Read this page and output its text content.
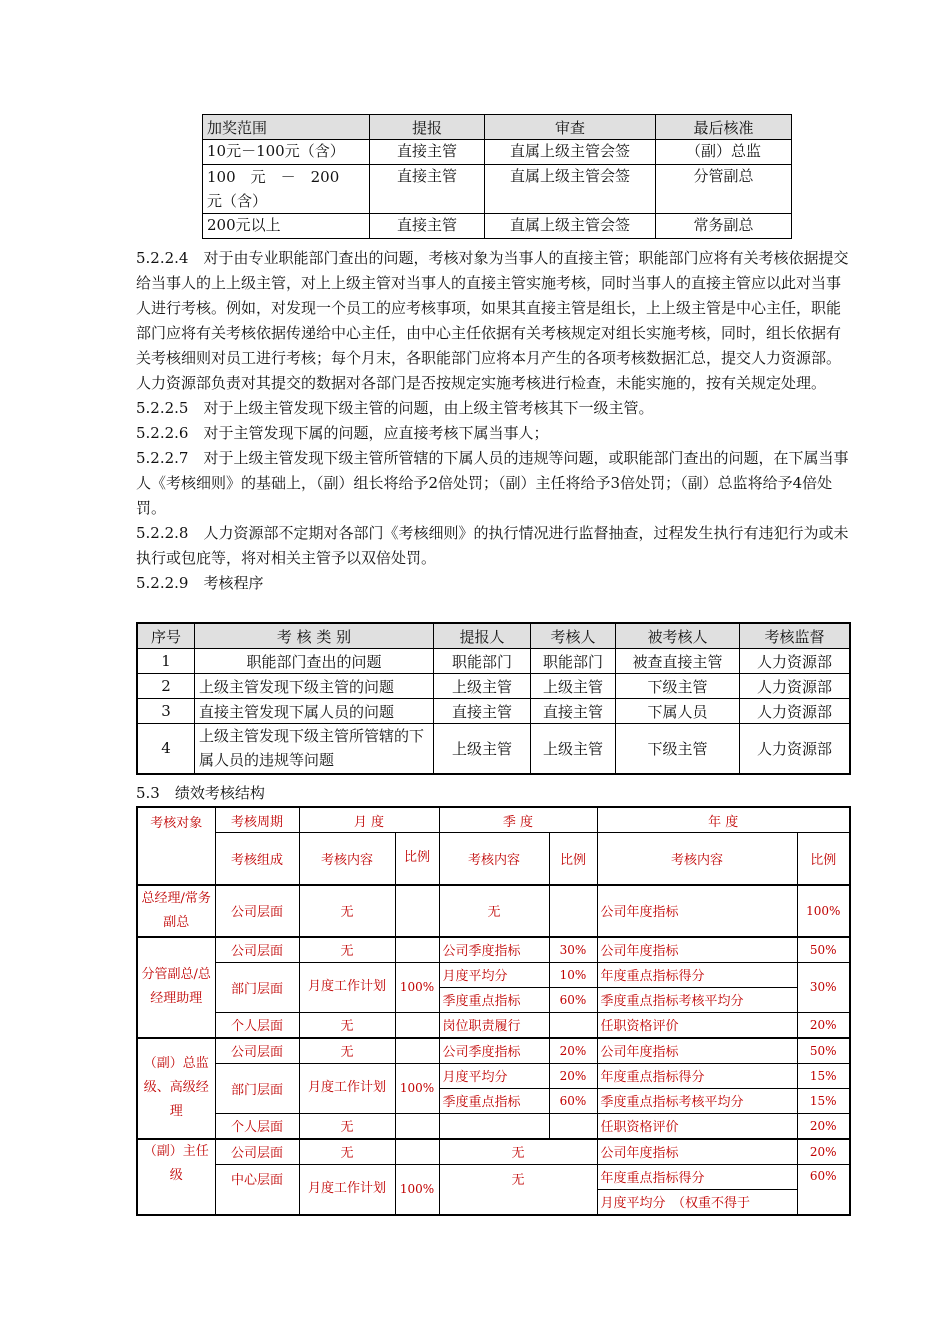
加奖范围	提报	审查	最后核准
10元－100元（含）	直接主管	直属上级主管会签	（副）总监
100　元　－　200　元（含）	直接主管	直属上级主管会签	分管副总
200元以上	直接主管	直属上级主管会签	常务副总

5.2.2.4　对于由专业职能部门查出的问题，考核对象为当事人的直接主管；职能部门应将有关考核依据提交给当事人的上上级主管，对上上级主管对当事人的直接主管实施考核，同时当事人的直接主管应以此对当事人进行考核。例如，对发现一个员工的应考核事项，如果其直接主管是组长，上上级主管是中心主任，职能部门应将有关考核依据传递给中心主任，由中心主任依据有关考核规定对组长实施考核，同时，组长依据有关考核细则对员工进行考核；每个月末，各职能部门应将本月产生的各项考核数据汇总，提交人力资源部。人力资源部负责对其提交的数据对各部门是否按规定实施考核进行检查，未能实施的，按有关规定处理。

5.2.2.5　对于上级主管发现下级主管的问题，由上级主管考核其下一级主管。

5.2.2.6　对于主管发现下属的问题，应直接考核下属当事人；

5.2.2.7　对于上级主管发现下级主管所管辖的下属人员的违规等问题，或职能部门查出的问题，在下属当事人《考核细则》的基础上，（副）组长将给予2倍处罚；（副）主任将给予3倍处罚；（副）总监将给予4倍处罚。

5.2.2.8　人力资源部不定期对各部门《考核细则》的执行情况进行监督抽查，过程发生执行有违犯行为或未执行或包庇等，将对相关主管予以双倍处罚。

5.2.2.9　考核程序

序号	考 核 类 别	提报人	考核人	被考核人	考核监督
1	职能部门查出的问题	职能部门	职能部门	被查直接主管	人力资源部
2	上级主管发现下级主管的问题	上级主管	上级主管	下级主管	人力资源部
3	直接主管发现下属人员的问题	直接主管	直接主管	下属人员	人力资源部
4	上级主管发现下级主管所管辖的下属人员的违规等问题	上级主管	上级主管	下级主管	人力资源部
5.3　绩效考核结构
考核对象	考核周期	月 度		季 度		年 度	
	考核组成	考核内容	比例	考核内容	比例	考核内容	比例
总经理/常务副总	公司层面	无		无		公司年度指标	100%
分管副总/总经理助理	公司层面	无		公司季度指标	30%	公司年度指标	50%
	部门层面	月度工作计划	100%	月度平均分	10%	年度重点指标得分	30%
				季度重点指标	60%	季度重点指标考核平均分	
	个人层面	无		岗位职责履行		任职资格评价	20%
（副）总监级、高级经理	公司层面	无		公司季度指标	20%	公司年度指标	50%
	部门层面	月度工作计划	100%	月度平均分	20%	年度重点指标得分	15%
				季度重点指标	60%	季度重点指标考核平均分	15%
	个人层面	无				任职资格评价	20%
（副）主任级	公司层面	无		无		公司年度指标	20%
	中心层面	月度工作计划	100%	无		年度重点指标得分	60%
						月度平均分　（权重不得于	
